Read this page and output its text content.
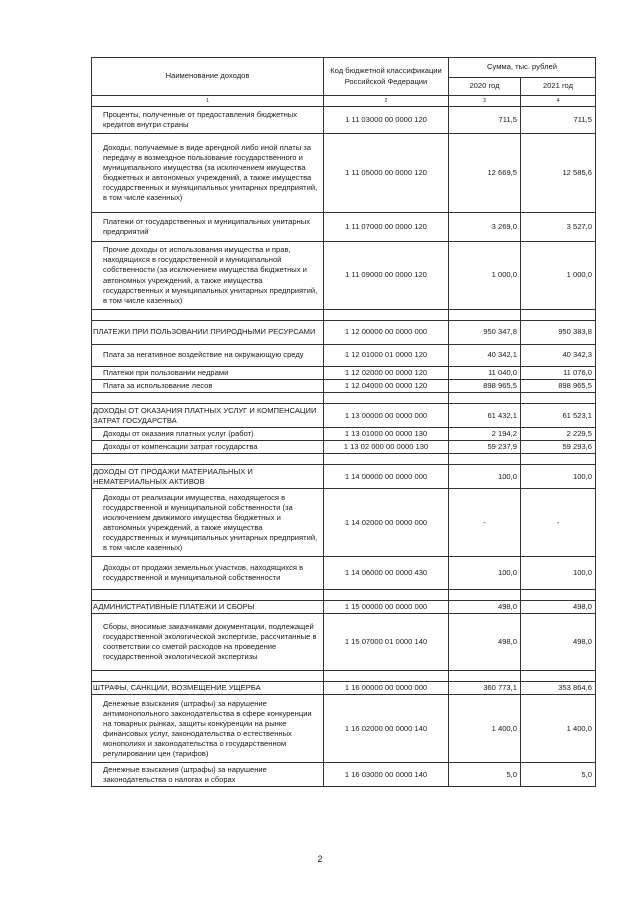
Наименование доходов	Код бюджетной классификации Российской Федерации	Сумма, тыс. рублей	
		2020 год	2021 год
1	2	3	4
Проценты, полученные от предоставления бюджетных кредитов внутри страны	1 11 03000 00 0000 120	711,5	711,5
Доходы, получаемые в виде арендной либо иной платы за передачу в возмездное пользование государственного и муниципального имущества (за исключением имущества бюджетных и автономных учреждений, а также имущества государственных и муниципальных унитарных предприятий, в том числе казенных)	1 11 05000 00 0000 120	12 669,5	12 585,6
Платежи от государственных и муниципальных унитарных предприятий	1 11 07000 00 0000 120	3 269,0	3 527,0
Прочие доходы от использования имущества и прав, находящихся в государственной и муниципальной собственности (за исключением имущества бюджетных и автономных учреждений, а также имущества государственных и муниципальных унитарных предприятий, в том числе казенных)	1 11 09000 00 0000 120	1 000,0	1 000,0

ПЛАТЕЖИ ПРИ ПОЛЬЗОВАНИИ ПРИРОДНЫМИ РЕСУРСАМИ	1 12 00000 00 0000 000	950 347,8	950 383,8
Плата за негативное воздействие на окружающую среду	1 12 01000 01 0000 120	40 342,1	40 342,3
Платежи при пользовании недрами	1 12 02000 00 0000 120	11 040,0	11 076,0
Плата за использование лесов	1 12 04000 00 0000 120	898 965,5	898 965,5

ДОХОДЫ ОТ ОКАЗАНИЯ ПЛАТНЫХ УСЛУГ И КОМПЕНСАЦИИ ЗАТРАТ ГОСУДАРСТВА	1 13 00000 00 0000 000	61 432,1	61 523,1
Доходы от оказания платных услуг (работ)	1 13 01000 00 0000 130	2 194,2	2 229,5
Доходы от компенсации затрат государства	1 13 02 000 00 0000 130	59 237,9	59 293,6

ДОХОДЫ ОТ ПРОДАЖИ МАТЕРИАЛЬНЫХ И НЕМАТЕРИАЛЬНЫХ АКТИВОВ	1 14 00000 00 0000 000	100,0	100,0
Доходы от реализации имущества, находящегося в государственной и муниципальной собственности (за исключением движимого имущества бюджетных и автономных учреждений, а также имущества государственных и муниципальных унитарных предприятий, в том числе казенных)	1 14 02000 00 0000 000	-	-
Доходы от продажи земельных участков, находящихся в государственной и муниципальной собственности	1 14 06000 00 0000 430	100,0	100,0

АДМИНИСТРАТИВНЫЕ ПЛАТЕЖИ И СБОРЫ	1 15 00000 00 0000 000	498,0	498,0
Сборы, вносимые заказчиками документации, подлежащей государственной экологической экспертизе, рассчитанные в соответствии со сметой расходов на проведение государственной экологической экспертизы	1 15 07000 01 0000 140	498,0	498,0

ШТРАФЫ, САНКЦИИ, ВОЗМЕЩЕНИЕ УЩЕРБА	1 16 00000 00 0000 000	360 773,1	353 864,6
Денежные взыскания (штрафы) за нарушение антимонопольного законодательства в сфере конкуренции на товарных рынках, защиты конкуренции на рынке финансовых услуг, законодательства о естественных монополиях и законодательства о государственном регулировании цен (тарифов)	1 16 02000 00 0000 140	1 400,0	1 400,0
Денежные взыскания (штрафы) за нарушение законодательства о налогах и сборах	1 16 03000 00 0000 140	5,0	5,0
2
